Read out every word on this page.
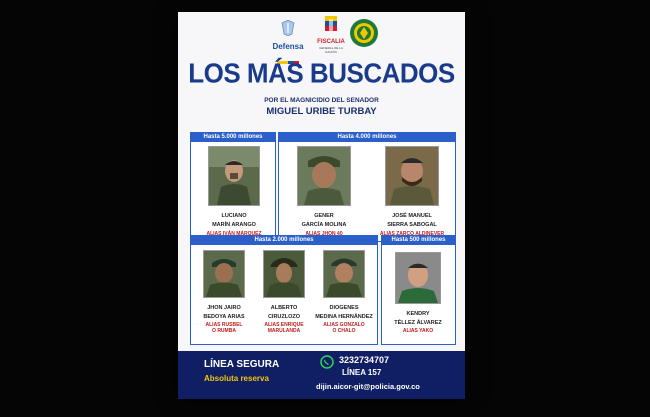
Defensa	FISCALIA
GENERAL DE LA NACIÓN
LOS MÁS BUSCADOS
POR EL MAGNICIDIO DEL SENADOR
MIGUEL URIBE TURBAY
Hasta 5.000 millones	Hasta 4.000 millones
Hasta 2.000 millones	Hasta 500 millones
LUCIANO
MARÍN ARANGO
ALIAS IVÁN MÁRQUEZ
GENER
GARCÍA MOLINA
ALIAS JHON 40
JOSÉ MANUEL
SIERRA SABOGAL
ALIAS ZARCO ALDINEVER
JHON JAIRO
BEDOYA ARIAS
ALIAS RUSBEL
O RUMBA
ALBERTO
CIRUZLOZO
ALIAS ENRIQUE
MARULANDA
DIOGENES
MEDINA HERNÁNDEZ
ALIAS GONZALO
O CHALO
KENDRY
TÉLLEZ ÁLVAREZ
ALIAS YAKO
LÍNEA SEGURA
Absoluta reserva
3232734707
LÍNEA 157
dijin.aicor-git@policia.gov.co
